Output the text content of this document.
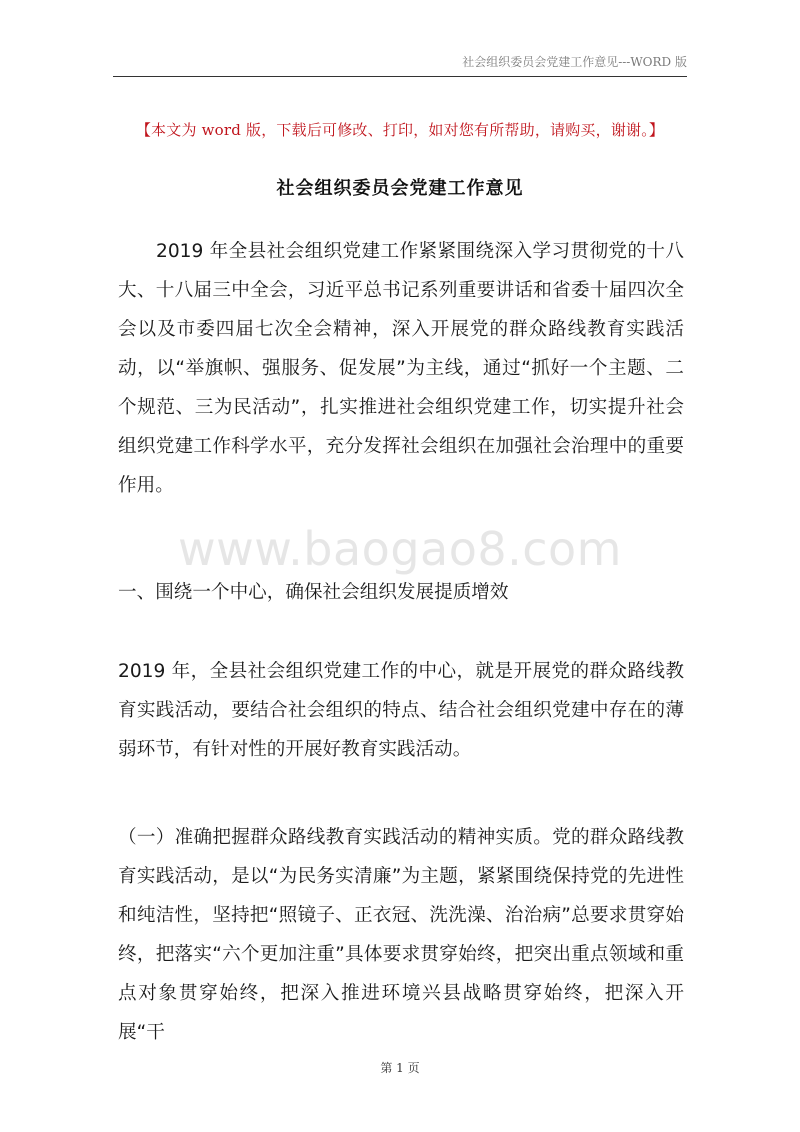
社会组织委员会党建工作意见---WORD 版
【本文为 word 版，下载后可修改、打印，如对您有所帮助，请购买，谢谢。】
社会组织委员会党建工作意见
2019 年全县社会组织党建工作紧紧围绕深入学习贯彻党的十八大、十八届三中全会，习近平总书记系列重要讲话和省委十届四次全会以及市委四届七次全会精神，深入开展党的群众路线教育实践活动，以“举旗帜、强服务、促发展”为主线，通过“抓好一个主题、二个规范、三为民活动”，扎实推进社会组织党建工作，切实提升社会组织党建工作科学水平，充分发挥社会组织在加强社会治理中的重要作用。
www.baogao8.com
一、围绕一个中心，确保社会组织发展提质增效
2019 年，全县社会组织党建工作的中心，就是开展党的群众路线教育实践活动，要结合社会组织的特点、结合社会组织党建中存在的薄弱环节，有针对性的开展好教育实践活动。
（一）准确把握群众路线教育实践活动的精神实质。党的群众路线教育实践活动，是以“为民务实清廉”为主题，紧紧围绕保持党的先进性和纯洁性，坚持把“照镜子、正衣冠、洗洗澡、治治病”总要求贯穿始终，把落实“六个更加注重”具体要求贯穿始终，把突出重点领域和重点对象贯穿始终，把深入推进环境兴县战略贯穿始终，把深入开展“干
第 1 页
